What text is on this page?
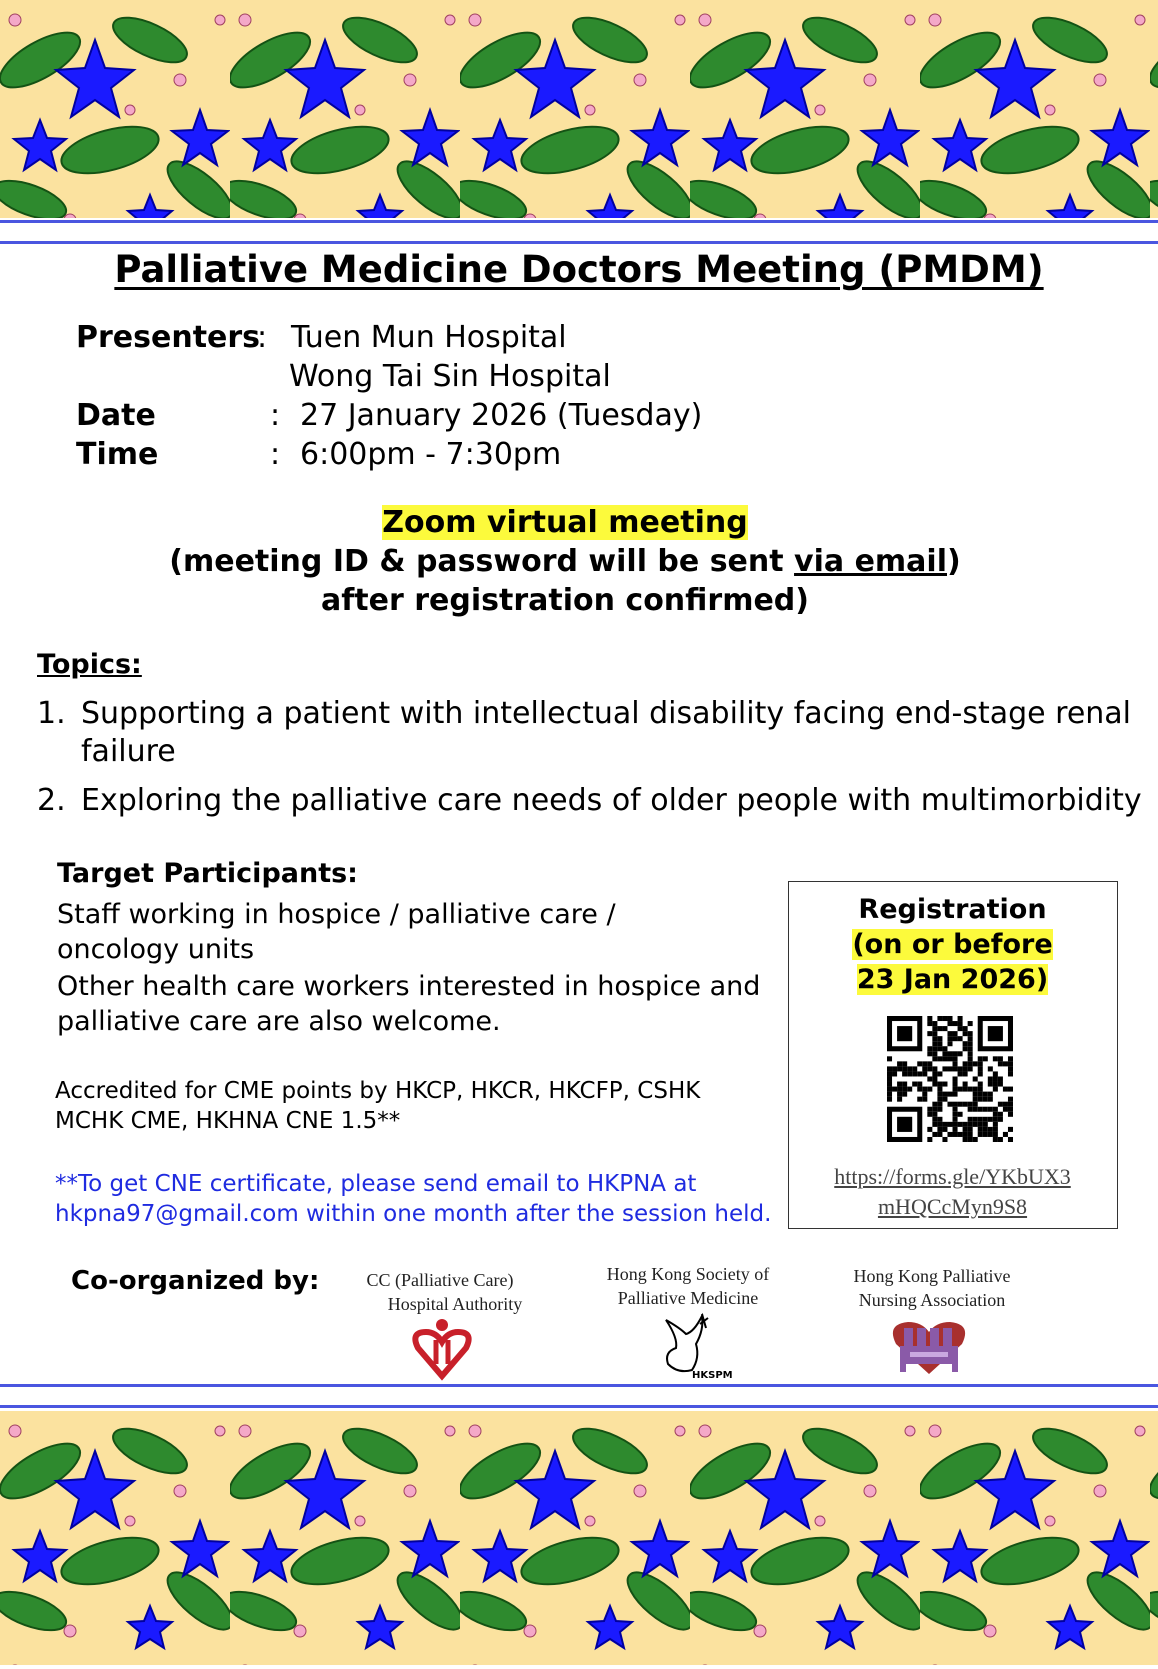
Palliative Medicine Doctors Meeting (PMDM)
Presenters
: Tuen Mun Hospital
Wong Tai Sin Hospital
Date	: 27 January 2026 (Tuesday)
Time	: 6:00pm - 7:30pm
Zoom virtual meeting
(meeting ID & password will be sent via email)
after registration confirmed)
Topics:
1. Supporting a patient with intellectual disability facing end-stage renal
failure
2. Exploring the palliative care needs of older people with multimorbidity
Target Participants:
Staff working in hospice / palliative care /
oncology units
Other health care workers interested in hospice and
palliative care are also welcome.
Accredited for CME points by HKCP, HKCR, HKCFP, CSHK
MCHK CME, HKHNA CNE 1.5**
**To get CNE certificate, please send email to HKPNA at
hkpna97@gmail.com within one month after the session held.
Registration
(on or before
23 Jan 2026)
https://forms.gle/YKbUX3
mHQCcMyn9S8
Co-organized by:	CC (Palliative Care)
Hospital Authority
Hong Kong Society of
Palliative Medicine
HKSPM
Hong Kong Palliative
Nursing Association
